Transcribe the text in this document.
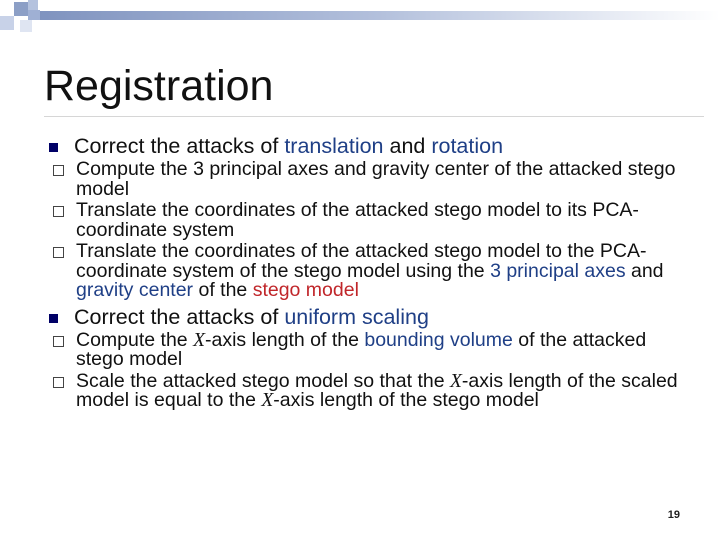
Registration

Correct the attacks of translation and rotation

Compute the 3 principal axes and gravity center of the attacked stego model
Translate the coordinates of the attacked stego model to its PCA-coordinate system
Translate the coordinates of the attacked stego model to the PCA-coordinate system of the stego model using the 3 principal axes and gravity center of the stego model

Correct the attacks of uniform scaling

Compute the X-axis length of the bounding volume of the attacked stego model
Scale the attacked stego model so that the X-axis length of the scaled model is equal to the X-axis length of the stego model
19
